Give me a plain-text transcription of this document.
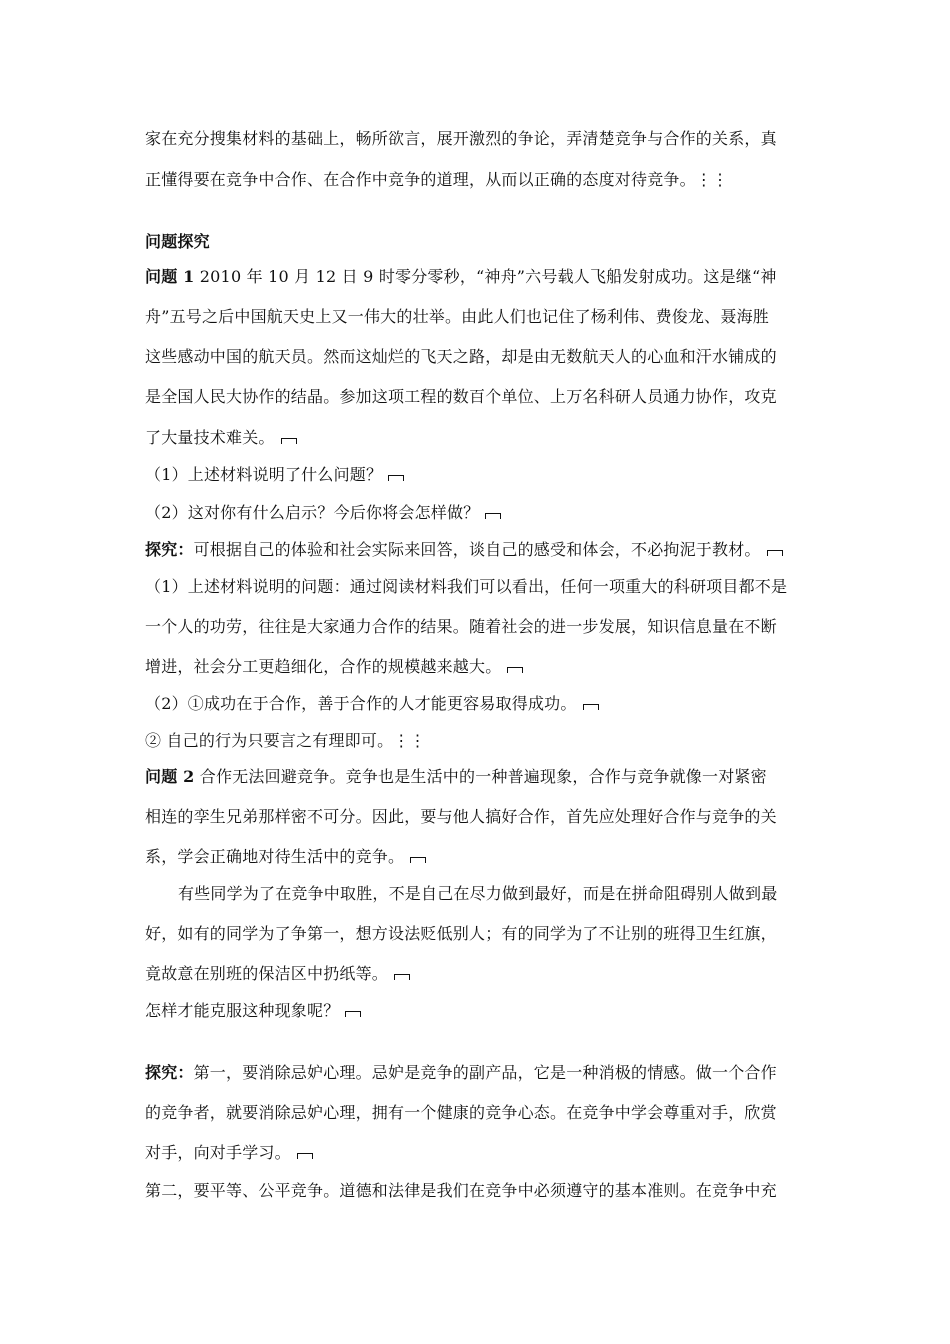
家在充分搜集材料的基础上，畅所欲言，展开激烈的争论，弄清楚竞争与合作的关系，真
正懂得要在竞争中合作、在合作中竞争的道理，从而以正确的态度对待竞争。⋮⋮
问题探究
问题 1 2010 年 10 月 12 日 9 时零分零秒，“神舟”六号载人飞船发射成功。这是继“神
舟”五号之后中国航天史上又一伟大的壮举。由此人们也记住了杨利伟、费俊龙、聂海胜
这些感动中国的航天员。然而这灿烂的飞天之路，却是由无数航天人的心血和汗水铺成的
是全国人民大协作的结晶。参加这项工程的数百个单位、上万名科研人员通力协作，攻克
了大量技术难关。
（1）上述材料说明了什么问题？
（2）这对你有什么启示？今后你将会怎样做？
探究：可根据自己的体验和社会实际来回答，谈自己的感受和体会，不必拘泥于教材。
（1）上述材料说明的问题：通过阅读材料我们可以看出，任何一项重大的科研项目都不是
一个人的功劳，往往是大家通力合作的结果。随着社会的进一步发展，知识信息量在不断
增进，社会分工更趋细化，合作的规模越来越大。
（2）①成功在于合作，善于合作的人才能更容易取得成功。
② 自己的行为只要言之有理即可。⋮⋮
问题 2 合作无法回避竞争。竞争也是生活中的一种普遍现象，合作与竞争就像一对紧密
相连的孪生兄弟那样密不可分。因此，要与他人搞好合作，首先应处理好合作与竞争的关
系，学会正确地对待生活中的竞争。
有些同学为了在竞争中取胜，不是自己在尽力做到最好，而是在拼命阻碍别人做到最
好，如有的同学为了争第一，想方设法贬低别人；有的同学为了不让别的班得卫生红旗，
竟故意在别班的保洁区中扔纸等。
怎样才能克服这种现象呢？
探究：第一，要消除忌妒心理。忌妒是竞争的副产品，它是一种消极的情感。做一个合作
的竞争者，就要消除忌妒心理，拥有一个健康的竞争心态。在竞争中学会尊重对手，欣赏
对手，向对手学习。
第二，要平等、公平竞争。道德和法律是我们在竞争中必须遵守的基本准则。在竞争中充
